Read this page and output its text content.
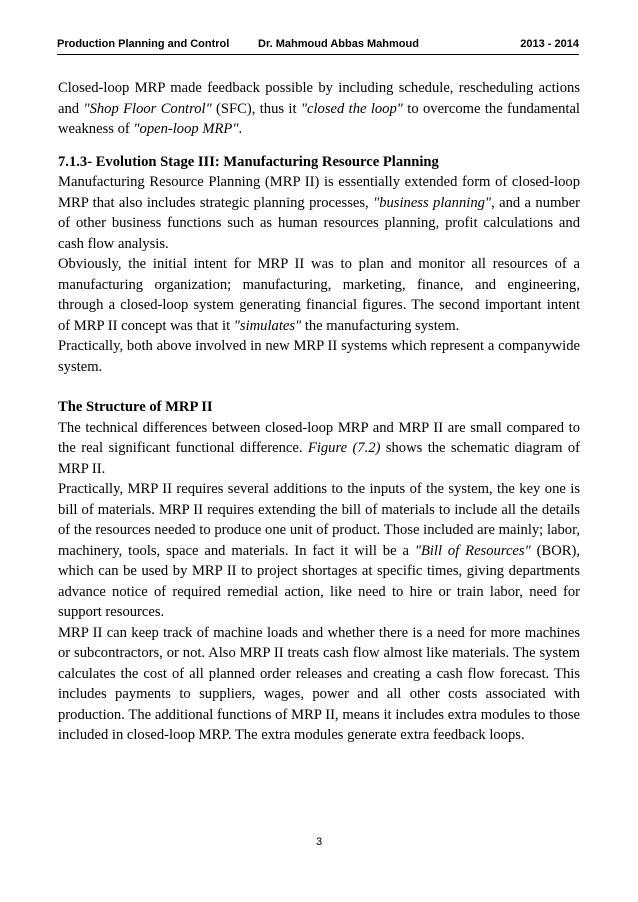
Production Planning and Control	Dr. Mahmoud Abbas Mahmoud	2013 - 2014

Closed-loop MRP made feedback possible by including schedule, rescheduling actions and "Shop Floor Control" (SFC), thus it "closed the loop" to overcome the fundamental weakness of "open-loop MRP".

7.1.3- Evolution Stage III: Manufacturing Resource Planning

Manufacturing Resource Planning (MRP II) is essentially extended form of closed-loop MRP that also includes strategic planning processes, "business planning", and a number of other business functions such as human resources planning, profit calculations and cash flow analysis.

Obviously, the initial intent for MRP II was to plan and monitor all resources of a manufacturing organization; manufacturing, marketing, finance, and engineering, through a closed-loop system generating financial figures. The second important intent of MRP II concept was that it "simulates" the manufacturing system.

Practically, both above involved in new MRP II systems which represent a companywide system.

The Structure of MRP II

The technical differences between closed-loop MRP and MRP II are small compared to the real significant functional difference. Figure (7.2) shows the schematic diagram of MRP II.

Practically, MRP II requires several additions to the inputs of the system, the key one is bill of materials. MRP II requires extending the bill of materials to include all the details of the resources needed to produce one unit of product. Those included are mainly; labor, machinery, tools, space and materials. In fact it will be a "Bill of Resources" (BOR), which can be used by MRP II to project shortages at specific times, giving departments advance notice of required remedial action, like need to hire or train labor, need for support resources.

MRP II can keep track of machine loads and whether there is a need for more machines or subcontractors, or not. Also MRP II treats cash flow almost like materials. The system calculates the cost of all planned order releases and creating a cash flow forecast. This includes payments to suppliers, wages, power and all other costs associated with production. The additional functions of MRP II, means it includes extra modules to those included in closed-loop MRP. The extra modules generate extra feedback loops.

3
